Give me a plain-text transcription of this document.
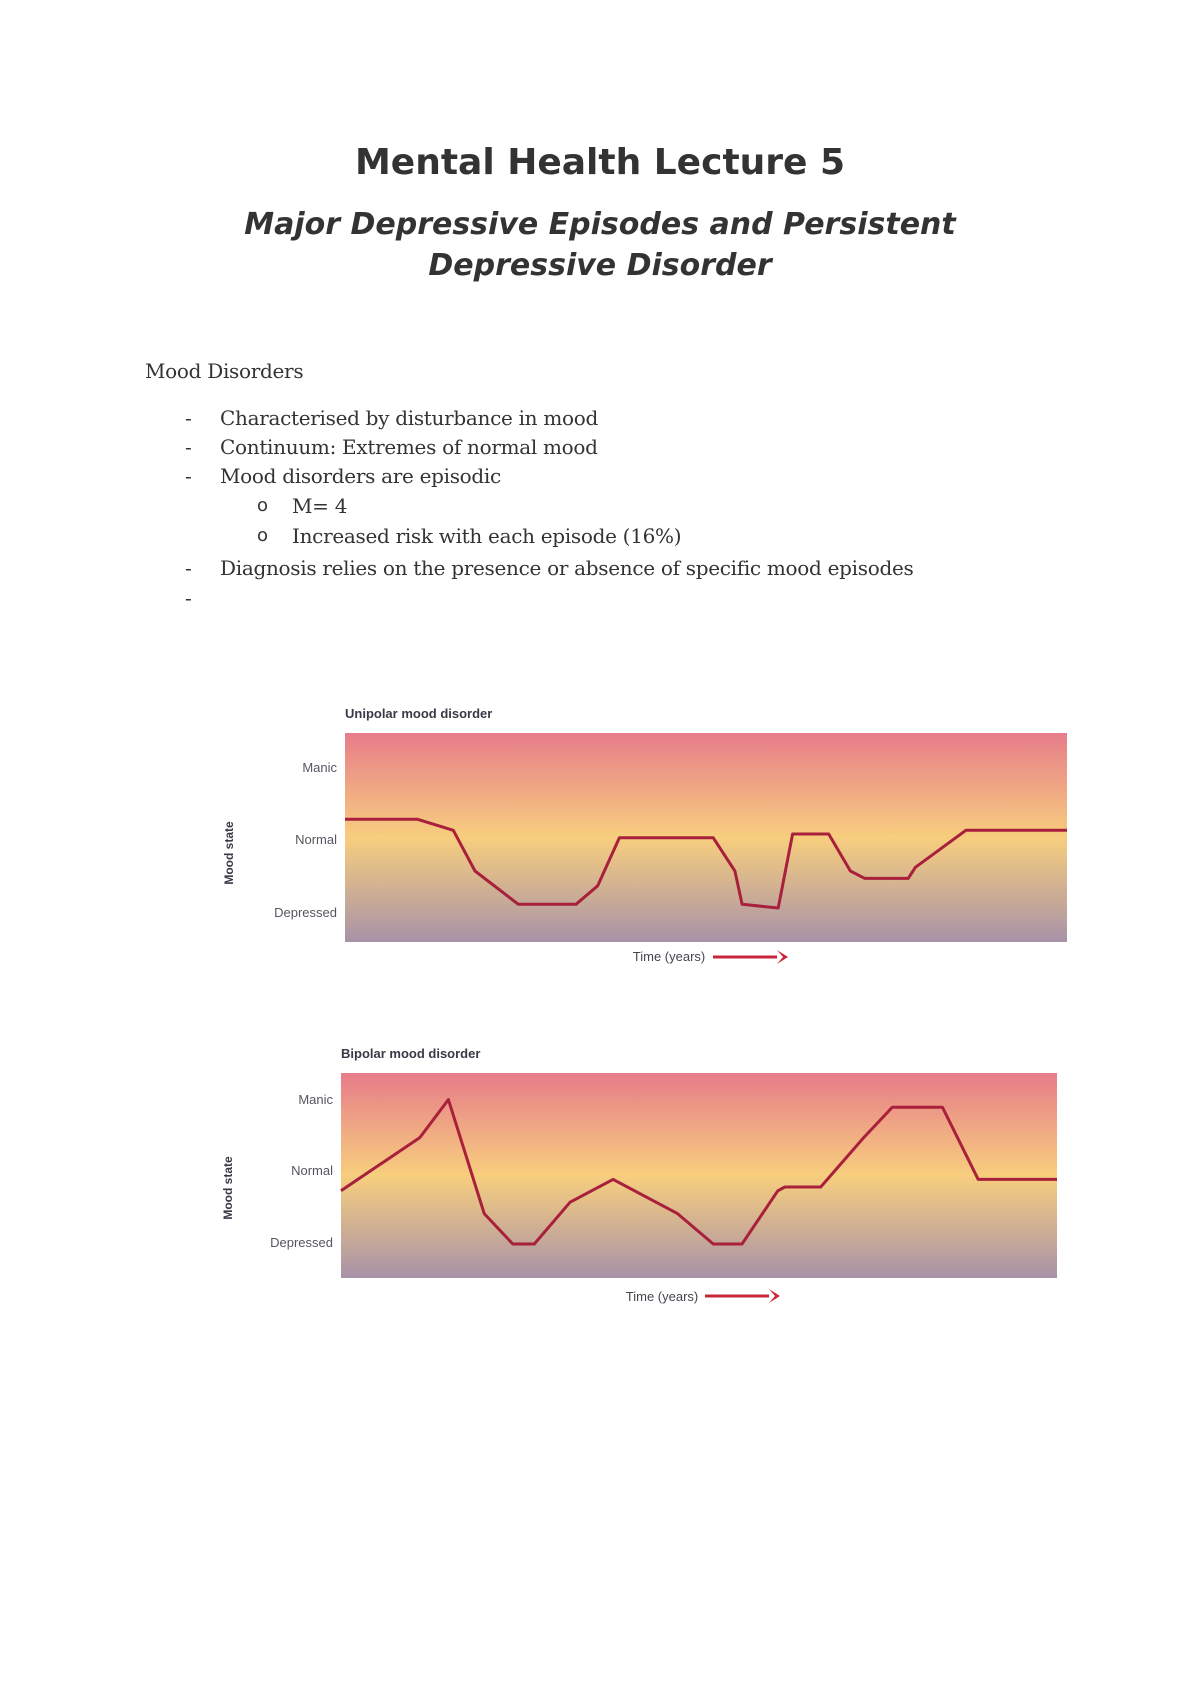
Mental Health Lecture 5
Major Depressive Episodes and Persistent
Depressive Disorder
Mood Disorders
- Characterised by disturbance in mood
- Continuum: Extremes of normal mood
- Mood disorders are episodic
o M= 4
o Increased risk with each episode (16%)
- Diagnosis relies on the presence or absence of specific mood episodes
-
Unipolar mood disorder
Manic
Normal
Depressed
Mood state
Time (years)
Bipolar mood disorder
Manic
Normal
Depressed
Mood state
Time (years)
